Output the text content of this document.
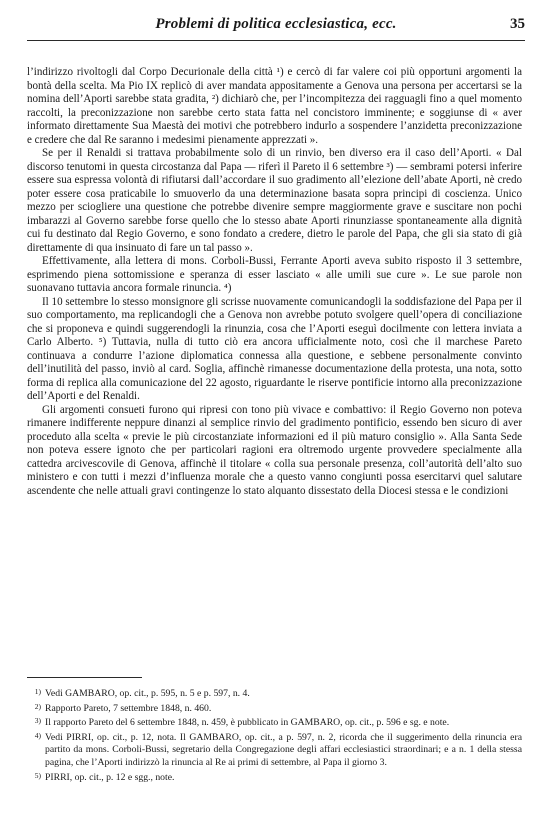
Problemi di politica ecclesiastica, ecc.	35

l’indirizzo rivoltogli dal Corpo Decurionale della città ¹) e cercò di far valere coi più opportuni argomenti la bontà della scelta. Ma Pio IX replicò di aver mandata appositamente a Genova una persona per accertarsi se la nomina dell’Aporti sarebbe stata gradita, ²) dichiarò che, per l’incompitezza dei ragguagli fino a quel momento raccolti, la preconizzazione non sarebbe certo stata fatta nel concistoro imminente; e soggiunse di « aver informato direttamente Sua Maestà dei motivi che potrebbero indurlo a sospendere l’anzidetta preconizzazione e credere che dal Re saranno i medesimi pienamente apprezzati ».

Se per il Renaldi si trattava probabilmente solo di un rinvio, ben diverso era il caso dell’Aporti. « Dal discorso tenutomi in questa circostanza dal Papa — riferì il Pareto il 6 settembre ³) — sembrami potersi inferire essere sua espressa volontà di rifiutarsi dall’accordare il suo gradimento all’elezione dell’abate Aporti, nè credo poter essere cosa praticabile lo smuoverlo da una determinazione basata sopra principi di coscienza. Unico mezzo per scioglierе una questione che potrebbe divenire sempre maggiormente grave e suscitare non pochi imbarazzi al Governo sarebbe forse quello che lo stesso abate Aporti rinunziasse spontaneamente alla dignità cui fu destinato dal Regio Governo, e sono fondato a credere, dietro le parole del Papa, che gli sia stato di già direttamente di qua insinuato di fare un tal passo ».

Effettivamente, alla lettera di mons. Corboli-Bussi, Ferrante Aporti aveva subito risposto il 3 settembre, esprimendo piena sottomissione e speranza di esser lasciato « alle umili sue cure ». Le sue parole non suonavano tuttavia ancora formale rinuncia. ⁴)

Il 10 settembre lo stesso monsignore gli scrisse nuovamente comunicandogli la soddisfazione del Papa per il suo comportamento, ma replicandogli che a Genova non avrebbe potuto svolgere quell’opera di conciliazione che si proponeva e quindi suggerendogli la rinunzia, cosa che l’Aporti eseguì docilmente con lettera inviata a Carlo Alberto. ⁵) Tuttavia, nulla di tutto ciò era ancora ufficialmente noto, così che il marchese Pareto continuava a condurre l’azione diplomatica connessa alla questione, e sebbene personalmente convinto dell’inutilità del passo, inviò al card. Soglia, affinchè rimanesse documentazione della protesta, una nota, sotto forma di replica alla comunicazione del 22 agosto, riguardante le riserve pontificie intorno alla preconizzazione dell’Aporti e del Renaldi.

Gli argomenti consueti furono qui ripresi con tono più vivace e combattivo: il Regio Governo non poteva rimanere indifferente neppure dinanzi al semplice rinvio del gradimento pontificio, essendo ben sicuro di aver proceduto alla scelta « previe le più circostanziate informazioni ed il più maturo consiglio ». Alla Santa Sede non poteva essere ignoto che per particolari ragioni era oltremodo urgente provvedere specialmente alla cattedra arcivescovile di Genova, affinchè il titolare « colla sua personale presenza, coll’autorità dell’alto suo ministero e con tutti i mezzi d’influenza morale che a questo vanno congiunti possa esercitarvi quel salutare ascendente che nelle attuali gravi contingenze lo stato alquanto dissestato della Diocesi stessa e le condizioni

1) Vedi GAMBARO, op. cit., p. 595, n. 5 e p. 597, n. 4.

2) Rapporto Pareto, 7 settembre 1848, n. 460.

3) Il rapporto Pareto del 6 settembre 1848, n. 459, è pubblicato in GAMBARO, op. cit., p. 596 e sg. e note.

4) Vedi PIRRI, op. cit., p. 12, nota. Il GAMBARO, op. cit., a p. 597, n. 2, ricorda che il suggerimento della rinuncia era partito da mons. Corboli-Bussi, segretario della Congregazione degli affari ecclesiastici straordinari; e a n. 1 della stessa pagina, che l’Aporti indirizzò la rinuncia al Re ai primi di settembre, al Papa il giorno 3.

5) PIRRI, op. cit., p. 12 e sgg., note.
